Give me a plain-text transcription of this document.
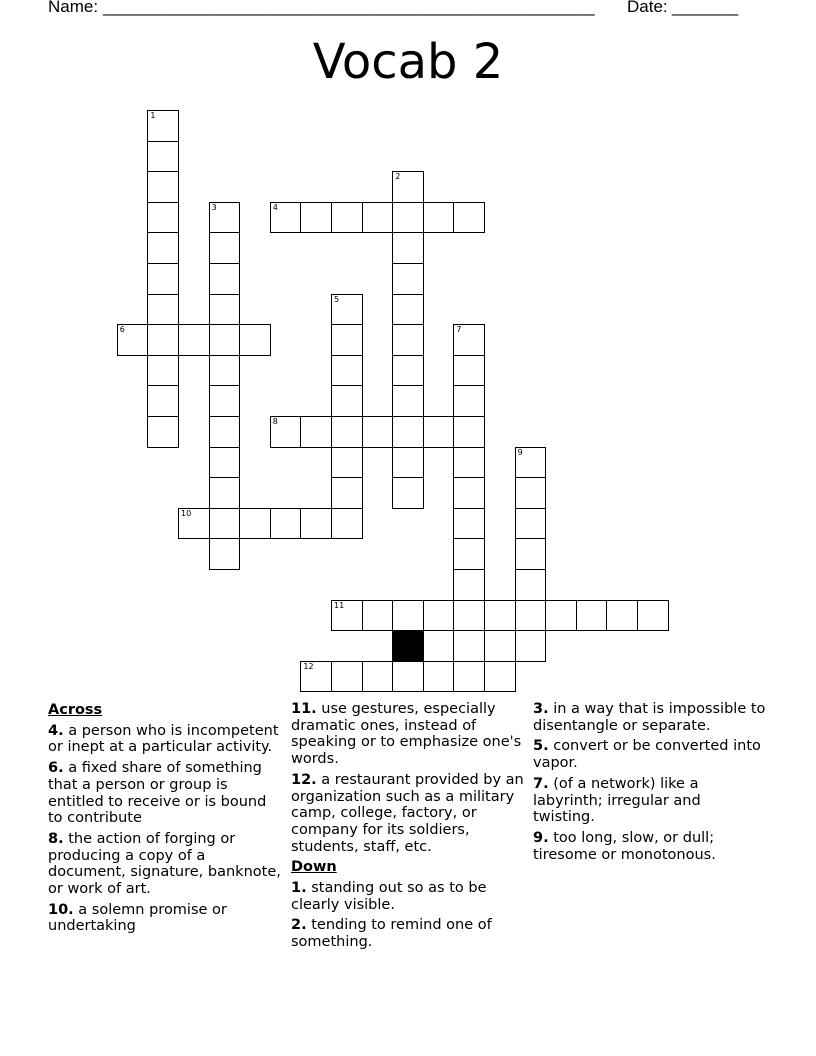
Name: ____________________________________________________ Date: _______
Vocab 2
1
2
3	4
5
6	7
8
9
10
11
12
Across
4. a person who is incompetent or inept at a particular activity.
6. a fixed share of something that a person or group is entitled to receive or is bound to contribute
8. the action of forging or producing a copy of a document, signature, banknote, or work of art.
10. a solemn promise or undertaking
11. use gestures, especially dramatic ones, instead of speaking or to emphasize one's words.
12. a restaurant provided by an organization such as a military camp, college, factory, or company for its soldiers, students, staff, etc.
Down
1. standing out so as to be clearly visible.
2. tending to remind one of something.
3. in a way that is impossible to disentangle or separate.
5. convert or be converted into vapor.
7. (of a network) like a labyrinth; irregular and twisting.
9. too long, slow, or dull; tiresome or monotonous.
